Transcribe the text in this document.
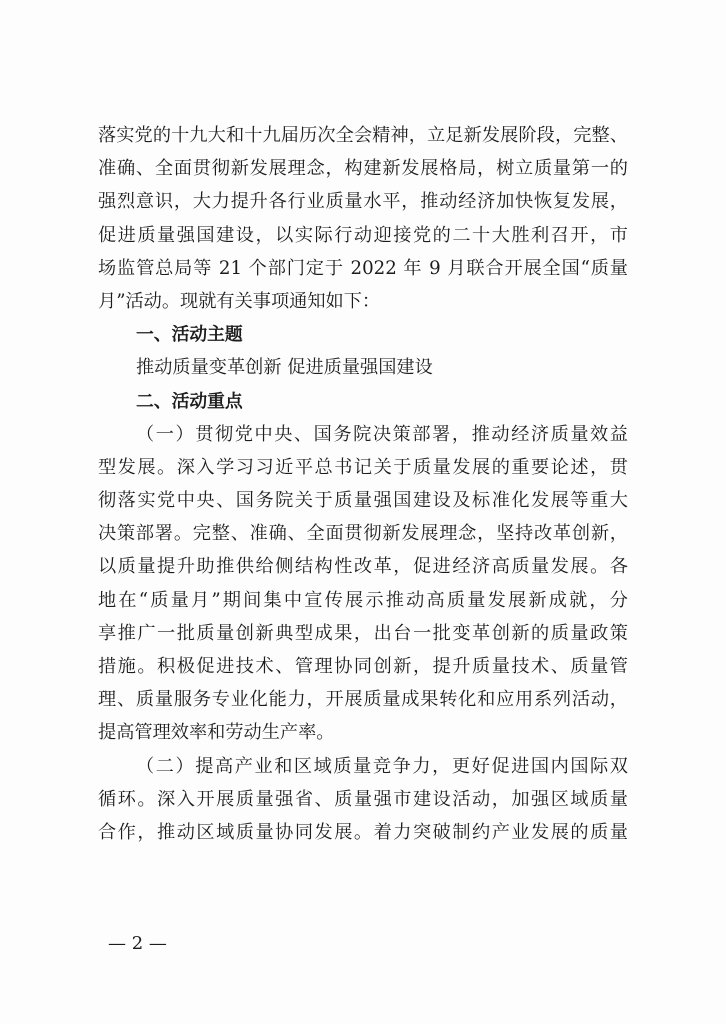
落实党的十九大和十九届历次全会精神，立足新发展阶段，完整、
准确、全面贯彻新发展理念，构建新发展格局，树立质量第一的
强烈意识，大力提升各行业质量水平，推动经济加快恢复发展，
促进质量强国建设，以实际行动迎接党的二十大胜利召开，市
场监管总局等 21 个部门定于 2022 年 9 月联合开展全国“质量
月”活动。现就有关事项通知如下：
一、活动主题
推动质量变革创新 促进质量强国建设
二、活动重点
（一）贯彻党中央、国务院决策部署，推动经济质量效益
型发展。深入学习习近平总书记关于质量发展的重要论述，贯
彻落实党中央、国务院关于质量强国建设及标准化发展等重大
决策部署。完整、准确、全面贯彻新发展理念，坚持改革创新，
以质量提升助推供给侧结构性改革，促进经济高质量发展。各
地在“质量月”期间集中宣传展示推动高质量发展新成就，分
享推广一批质量创新典型成果，出台一批变革创新的质量政策
措施。积极促进技术、管理协同创新，提升质量技术、质量管
理、质量服务专业化能力，开展质量成果转化和应用系列活动，
提高管理效率和劳动生产率。
（二）提高产业和区域质量竞争力，更好促进国内国际双
循环。深入开展质量强省、质量强市建设活动，加强区域质量
合作，推动区域质量协同发展。着力突破制约产业发展的质量
— 2 —
